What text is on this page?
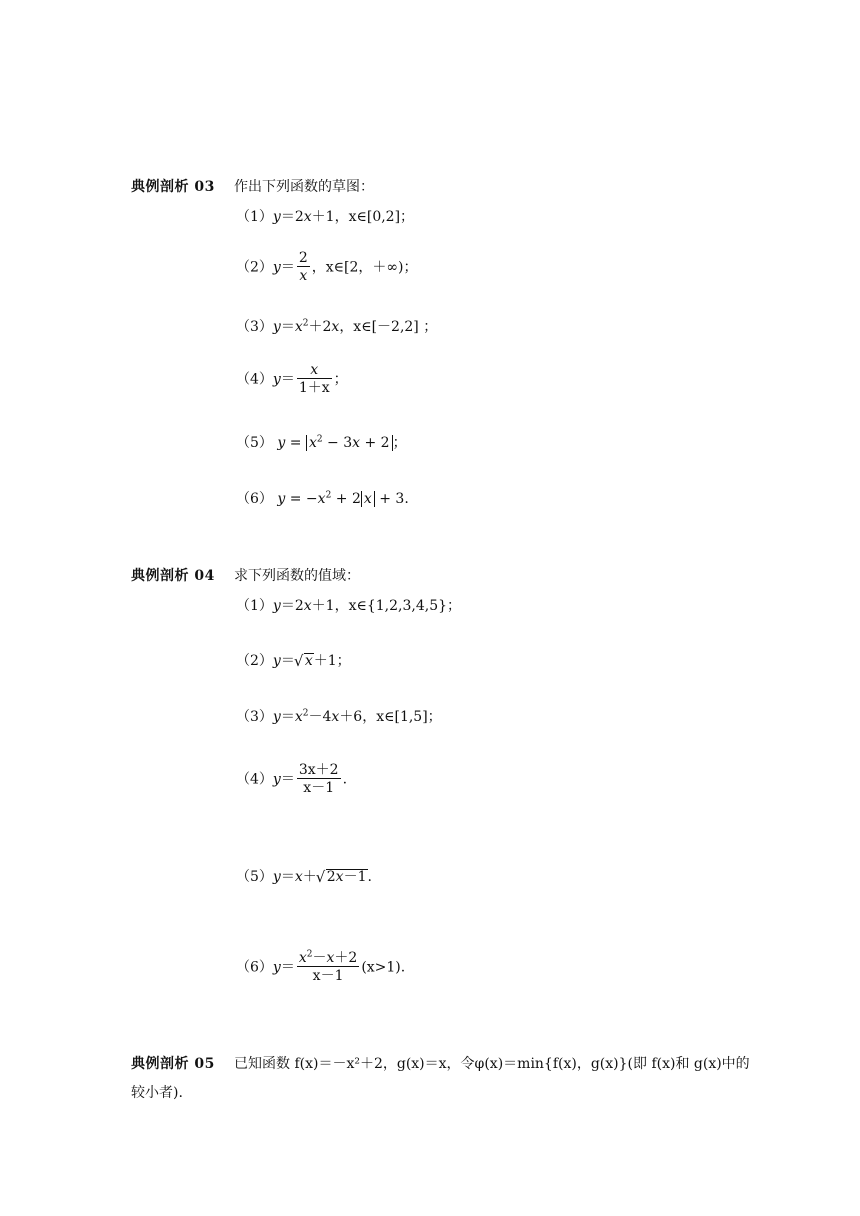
典例剖析 03 作出下列函数的草图：
（1）y＝2x＋1，x∈[0,2]；
$(2)y= \frac{2}{x}$ ，x∈[2，＋∞)；
$(3)y=x^2+2x$，x∈[－2,2] ；
$(4)y= \frac{x}{1+x}$ ；
（5） $y = x^2 - 3x + 2$ ；
（6） $y = -x^2 + 2$ x + 3.
典例剖析 04 求下列函数的值域：
（1）y＝2x＋1，x∈{1,2,3,4,5}；
（2）y＝ √ x＋1；
$(3)y=x^2-4x+6$，x∈[1,5]；
$(4)y= \frac{3x+2}{x-1}$ .
（5）y＝x＋ √ 2x－1.
$(6)y= \frac{x^2-x+2}{x-1} (x>1)$.
典例剖析 05 已知函数 f(x)＝－x²＋2，g(x)＝x，令φ(x)＝min{f(x)，g(x)}(即 f(x)和 g(x)中的
较小者).
